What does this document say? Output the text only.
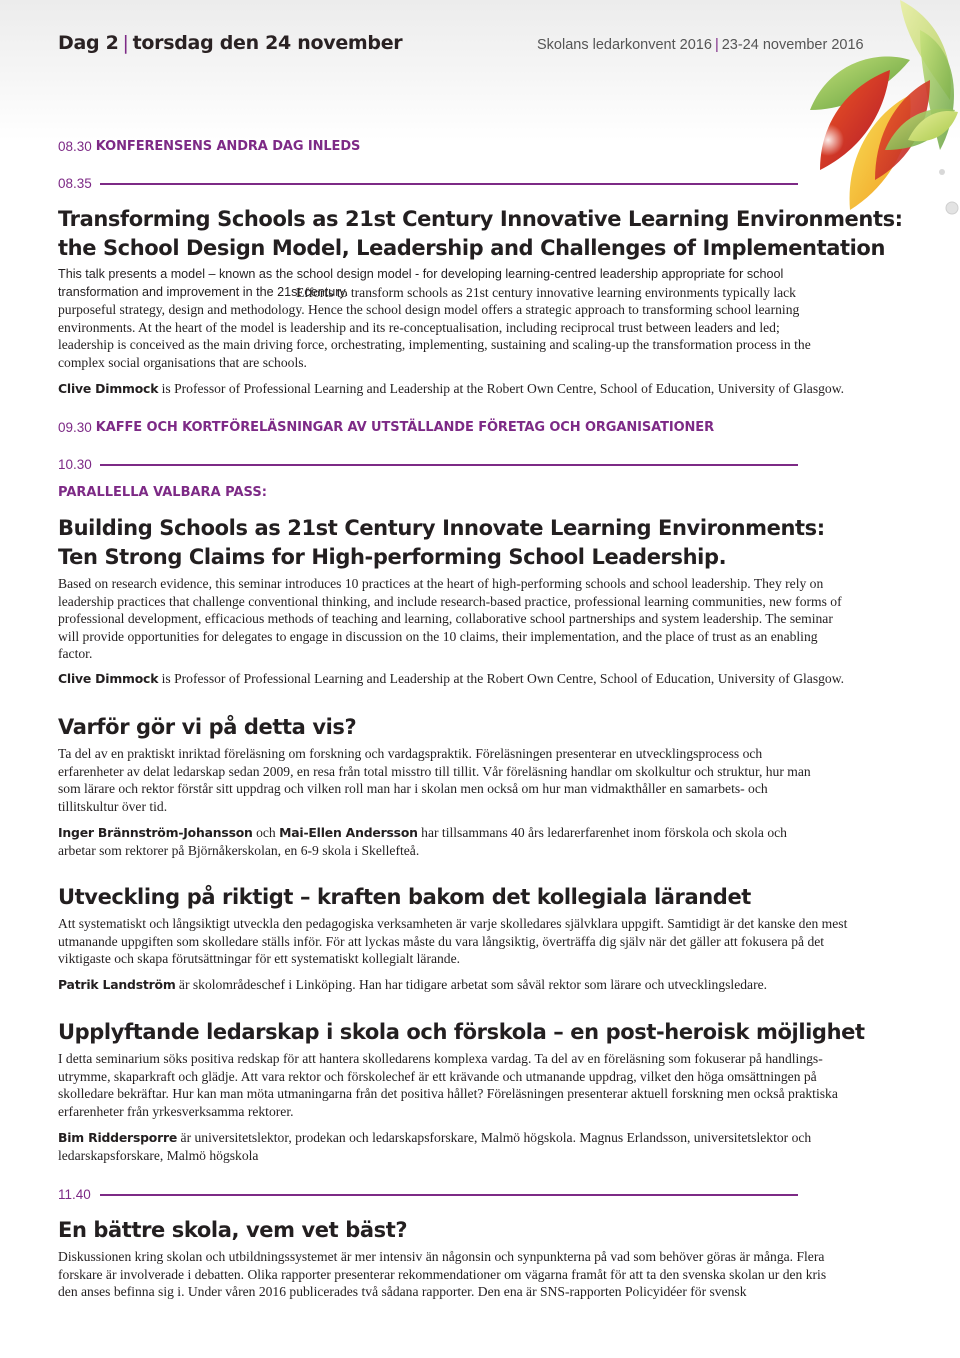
Dag 2 | torsdag den 24 november	Skolans ledarkonvent 2016 | 23-24 november 2016
08.30 KONFERENSENS ANDRA DAG INLEDS
08.35
Transforming Schools as 21st Century Innovative Learning Environments:
the School Design Model, Leadership and Challenges of Implementation

This talk presents a model – known as the school design model - for developing learning-centred leadership appropriate for school
transformation and improvement in the 21st century.

Efforts to transform schools as 21st century innovative learning environments typically lack purposeful strategy, design and methodology. Hence the school design model offers a strategic approach to transforming school learning environments. At the heart of the model is leadership and its re-conceptualisation, including reciprocal trust between leaders and led; leadership is conceived as the main driving force, orchestrating, implementing, sustaining and scaling-up the transformation process in the complex social organisations that are schools.

Clive Dimmock is Professor of Professional Learning and Leadership at the Robert Own Centre, School of Education, University of Glasgow.

09.30 KAFFE OCH KORTFÖRELÄSNINGAR AV UTSTÄLLANDE FÖRETAG OCH ORGANISATIONER
10.30
PARALLELLA VALBARA PASS:
Building Schools as 21st Century Innovate Learning Environments:
Ten Strong Claims for High-performing School Leadership.

Based on research evidence, this seminar introduces 10 practices at the heart of high-performing schools and school leadership. They rely on leadership practices that challenge conventional thinking, and include research-based practice, professional learning communities, new forms of professional development, efficacious methods of teaching and learning, collaborative school partnerships and system leadership. The seminar will provide opportunities for delegates to engage in discussion on the 10 claims, their implementation, and the place of trust as an enabling factor.

Clive Dimmock is Professor of Professional Learning and Leadership at the Robert Own Centre, School of Education, University of Glasgow.

Varför gör vi på detta vis?

Ta del av en praktiskt inriktad föreläsning om forskning och vardagspraktik. Föreläsningen presenterar en utvecklingsprocess och erfarenheter av delat ledarskap sedan 2009, en resa från total misstro till tillit. Vår föreläsning handlar om skolkultur och struktur, hur man som lärare och rektor förstår sitt uppdrag och vilken roll man har i skolan men också om hur man vidmakthåller en samarbets- och tillitskultur över tid.

Inger Brännström-Johansson och Mai-Ellen Andersson har tillsammans 40 års ledarerfarenhet inom förskola och skola och arbetar som rektorer på Björnåkerskolan, en 6-9 skola i Skellefteå.

Utveckling på riktigt – kraften bakom det kollegiala lärandet

Att systematiskt och långsiktigt utveckla den pedagogiska verksamheten är varje skolledares självklara uppgift. Samtidigt är det kanske den mest utmanande uppgiften som skolledare ställs inför. För att lyckas måste du vara långsiktig, överträffa dig själv när det gäller att fokusera på det viktigaste och skapa förutsättningar för ett systematiskt kollegialt lärande.

Patrik Landström är skolområdeschef i Linköping. Han har tidigare arbetat som såväl rektor som lärare och utvecklingsledare.

Upplyftande ledarskap i skola och förskola – en post-heroisk möjlighet

I detta seminarium söks positiva redskap för att hantera skolledarens komplexa vardag. Ta del av en föreläsning som fokuserar på handlings-utrymme, skaparkraft och glädje. Att vara rektor och förskolechef är ett krävande och utmanande uppdrag, vilket den höga omsättningen på skolledare bekräftar. Hur kan man möta utmaningarna från det positiva hållet? Föreläsningen presenterar aktuell forskning men också praktiska erfarenheter från yrkesverksamma rektorer.

Bim Riddersporre är universitetslektor, prodekan och ledarskapsforskare, Malmö högskola. Magnus Erlandsson, universitetslektor och ledarskapsforskare, Malmö högskola

11.40
En bättre skola, vem vet bäst?

Diskussionen kring skolan och utbildningssystemet är mer intensiv än någonsin och synpunkterna på vad som behöver göras är många. Flera forskare är involverade i debatten. Olika rapporter presenterar rekommendationer om vägarna framåt för att ta den svenska skolan ur den kris den anses befinna sig i. Under våren 2016 publicerades två sådana rapporter. Den ena är SNS-rapporten Policyidéer för svensk
